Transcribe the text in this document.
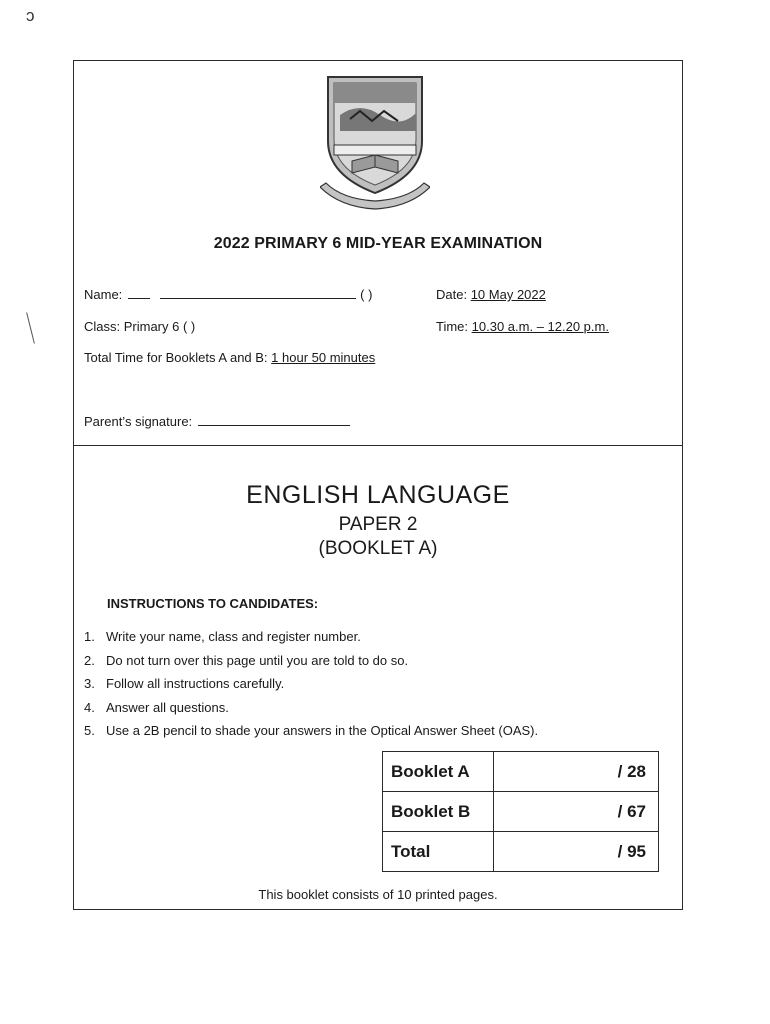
ɔ
2022 PRIMARY 6 MID-YEAR EXAMINATION
Name:	( )	Date: 10 May 2022
Class: Primary 6 ( )	Time: 10.30 a.m. – 12.20 p.m.
Total Time for Booklets A and B: 1 hour 50 minutes
Parent’s signature:
ENGLISH LANGUAGE
PAPER 2
(BOOKLET A)
INSTRUCTIONS TO CANDIDATES:
1. Write your name, class and register number.
2. Do not turn over this page until you are told to do so.
3. Follow all instructions carefully.
4. Answer all questions.
5. Use a 2B pencil to shade your answers in the Optical Answer Sheet (OAS).
Booklet A	/ 28
Booklet B	/ 67
Total	/ 95
This booklet consists of 10 printed pages.
